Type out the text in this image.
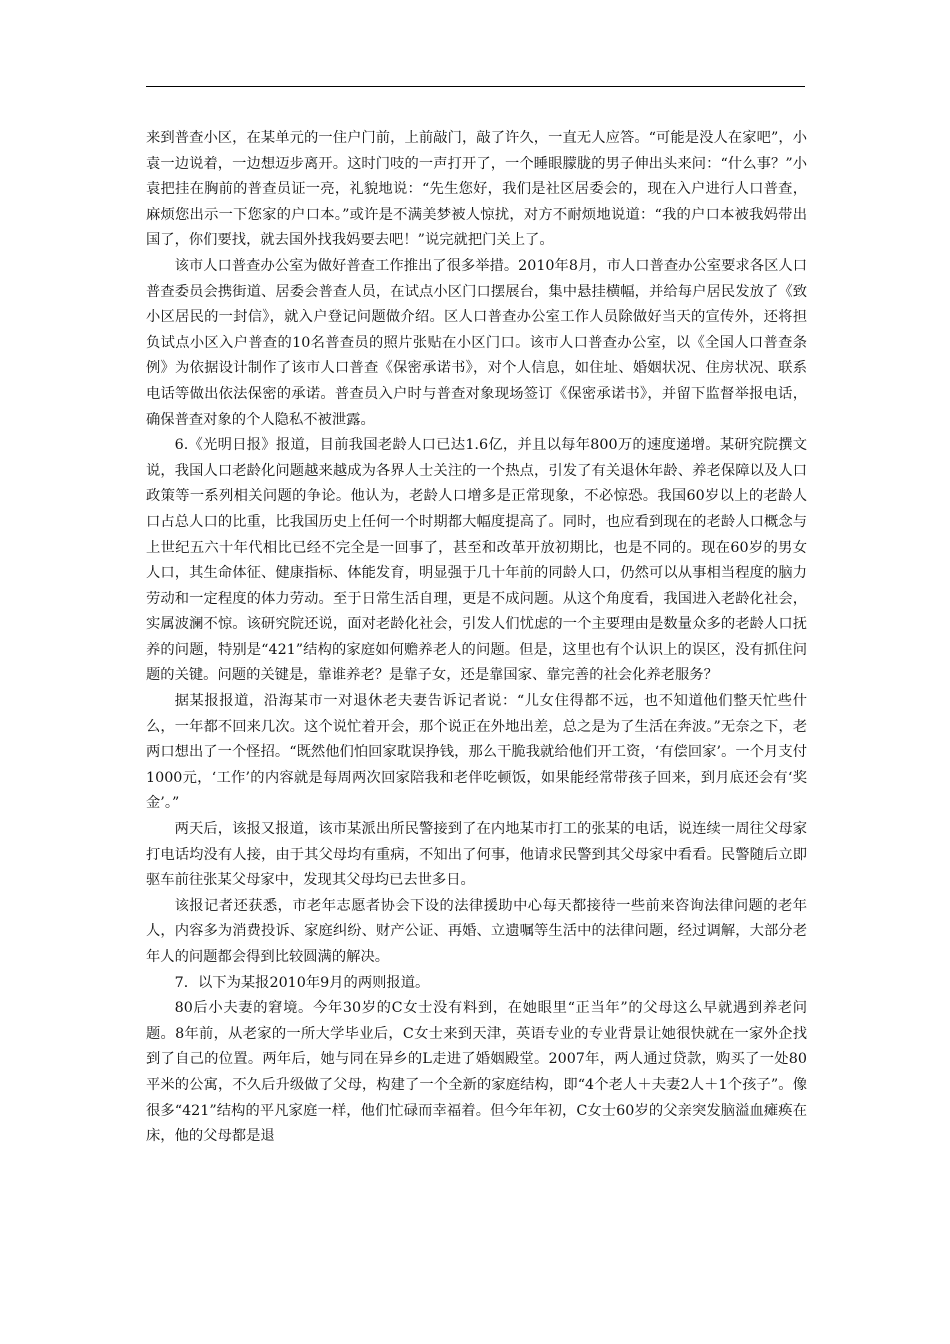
来到普查小区，在某单元的一住户门前，上前敲门，敲了许久，一直无人应答。“可能是没人在家吧”，小袁一边说着，一边想迈步离开。这时门吱的一声打开了，一个睡眼朦胧的男子伸出头来问：“什么事？”小袁把挂在胸前的普查员证一亮，礼貌地说：“先生您好，我们是社区居委会的，现在入户进行人口普查，麻烦您出示一下您家的户口本。”或许是不满美梦被人惊扰，对方不耐烦地说道：“我的户口本被我妈带出国了，你们要找，就去国外找我妈要去吧！”说完就把门关上了。

该市人口普查办公室为做好普查工作推出了很多举措。2010年8月，市人口普查办公室要求各区人口普查委员会携街道、居委会普查人员，在试点小区门口摆展台，集中悬挂横幅，并给每户居民发放了《致小区居民的一封信》，就入户登记问题做介绍。区人口普查办公室工作人员除做好当天的宣传外，还将担负试点小区入户普查的10名普查员的照片张贴在小区门口。该市人口普查办公室，以《全国人口普查条例》为依据设计制作了该市人口普查《保密承诺书》，对个人信息，如住址、婚姻状况、住房状况、联系电话等做出依法保密的承诺。普查员入户时与普查对象现场签订《保密承诺书》，并留下监督举报电话，确保普查对象的个人隐私不被泄露。

6.《光明日报》报道，目前我国老龄人口已达1.6亿，并且以每年800万的速度递增。某研究院撰文说，我国人口老龄化问题越来越成为各界人士关注的一个热点，引发了有关退休年龄、养老保障以及人口政策等一系列相关问题的争论。他认为，老龄人口增多是正常现象，不必惊恐。我国60岁以上的老龄人口占总人口的比重，比我国历史上任何一个时期都大幅度提高了。同时，也应看到现在的老龄人口概念与上世纪五六十年代相比已经不完全是一回事了，甚至和改革开放初期比，也是不同的。现在60岁的男女人口，其生命体征、健康指标、体能发育，明显强于几十年前的同龄人口，仍然可以从事相当程度的脑力劳动和一定程度的体力劳动。至于日常生活自理，更是不成问题。从这个角度看，我国进入老龄化社会，实属波澜不惊。该研究院还说，面对老龄化社会，引发人们忧虑的一个主要理由是数量众多的老龄人口抚养的问题，特别是“421”结构的家庭如何赡养老人的问题。但是，这里也有个认识上的误区，没有抓住问题的关键。问题的关键是，靠谁养老？是靠子女，还是靠国家、靠完善的社会化养老服务？

据某报报道，沿海某市一对退休老夫妻告诉记者说：“儿女住得都不远，也不知道他们整天忙些什么，一年都不回来几次。这个说忙着开会，那个说正在外地出差，总之是为了生活在奔波。”无奈之下，老两口想出了一个怪招。“既然他们怕回家耽误挣钱，那么干脆我就给他们开工资，‘有偿回家’。一个月支付1000元，‘工作’的内容就是每周两次回家陪我和老伴吃顿饭，如果能经常带孩子回来，到月底还会有‘奖金’。”

两天后，该报又报道，该市某派出所民警接到了在内地某市打工的张某的电话，说连续一周往父母家打电话均没有人接，由于其父母均有重病，不知出了何事，他请求民警到其父母家中看看。民警随后立即驱车前往张某父母家中，发现其父母均已去世多日。

该报记者还获悉，市老年志愿者协会下设的法律援助中心每天都接待一些前来咨询法律问题的老年人，内容多为消费投诉、家庭纠纷、财产公证、再婚、立遗嘱等生活中的法律问题，经过调解，大部分老年人的问题都会得到比较圆满的解决。

7．以下为某报2010年9月的两则报道。

80后小夫妻的窘境。今年30岁的C女士没有料到，在她眼里“正当年”的父母这么早就遇到养老问题。8年前，从老家的一所大学毕业后，C女士来到天津，英语专业的专业背景让她很快就在一家外企找到了自己的位置。两年后，她与同在异乡的L走进了婚姻殿堂。2007年，两人通过贷款，购买了一处80平米的公寓，不久后升级做了父母，构建了一个全新的家庭结构，即“4个老人＋夫妻2人＋1个孩子”。像很多“421”结构的平凡家庭一样，他们忙碌而幸福着。但今年年初，C女士60岁的父亲突发脑溢血瘫痪在床，他的父母都是退
